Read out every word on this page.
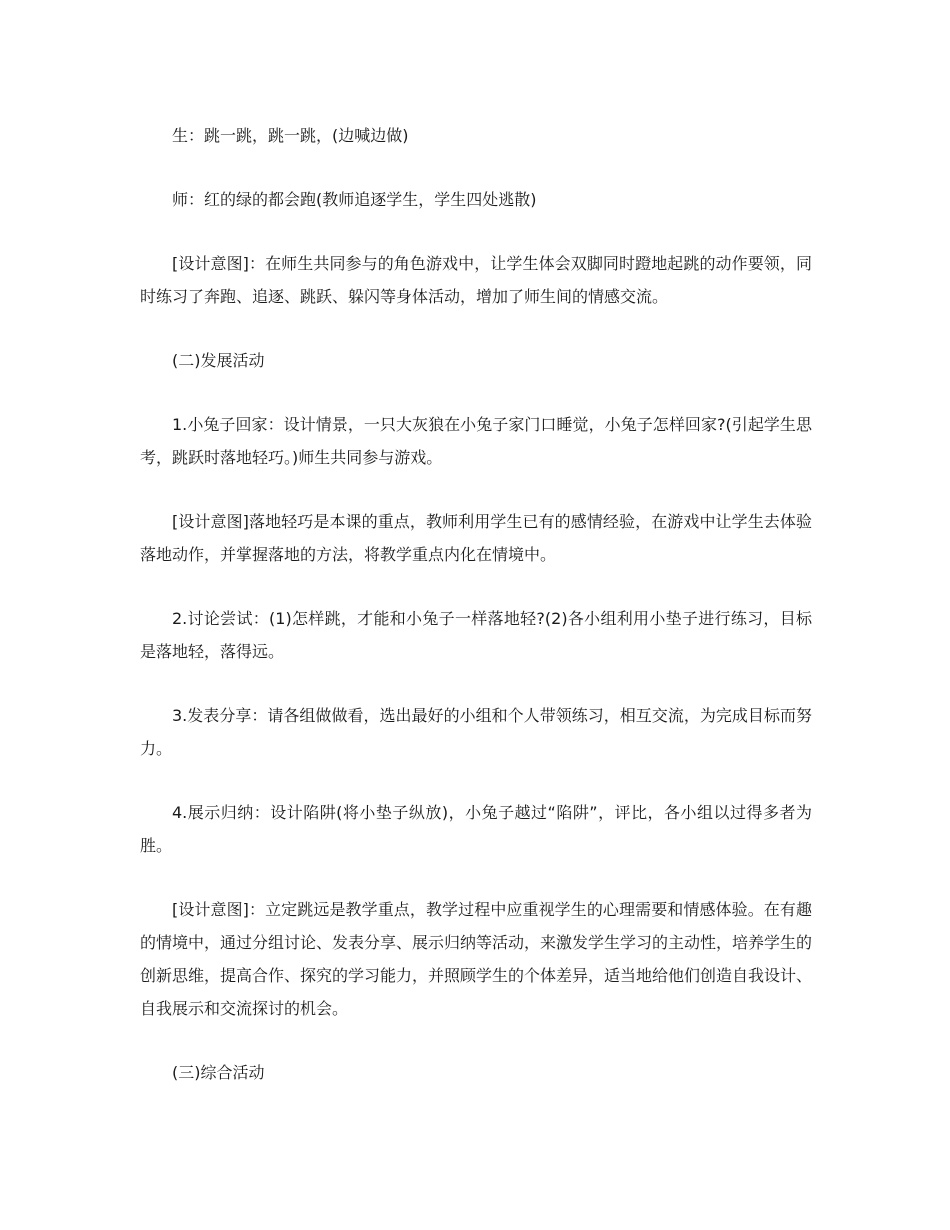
生：跳一跳，跳一跳，(边喊边做)

师：红的绿的都会跑(教师追逐学生，学生四处逃散)

[设计意图]：在师生共同参与的角色游戏中，让学生体会双脚同时蹬地起跳的动作要领，同时练习了奔跑、追逐、跳跃、躲闪等身体活动，增加了师生间的情感交流。

(二)发展活动

1.小兔子回家：设计情景，一只大灰狼在小兔子家门口睡觉，小兔子怎样回家?(引起学生思考，跳跃时落地轻巧。)师生共同参与游戏。

[设计意图]落地轻巧是本课的重点，教师利用学生已有的感情经验，在游戏中让学生去体验落地动作，并掌握落地的方法，将教学重点内化在情境中。

2.讨论尝试：(1)怎样跳，才能和小兔子一样落地轻?(2)各小组利用小垫子进行练习，目标是落地轻，落得远。

3.发表分享：请各组做做看，选出最好的小组和个人带领练习，相互交流，为完成目标而努力。

4.展示归纳：设计陷阱(将小垫子纵放)，小兔子越过“陷阱”，评比，各小组以过得多者为胜。

[设计意图]：立定跳远是教学重点，教学过程中应重视学生的心理需要和情感体验。在有趣的情境中，通过分组讨论、发表分享、展示归纳等活动，来激发学生学习的主动性，培养学生的创新思维，提高合作、探究的学习能力，并照顾学生的个体差异，适当地给他们创造自我设计、自我展示和交流探讨的机会。

(三)综合活动
